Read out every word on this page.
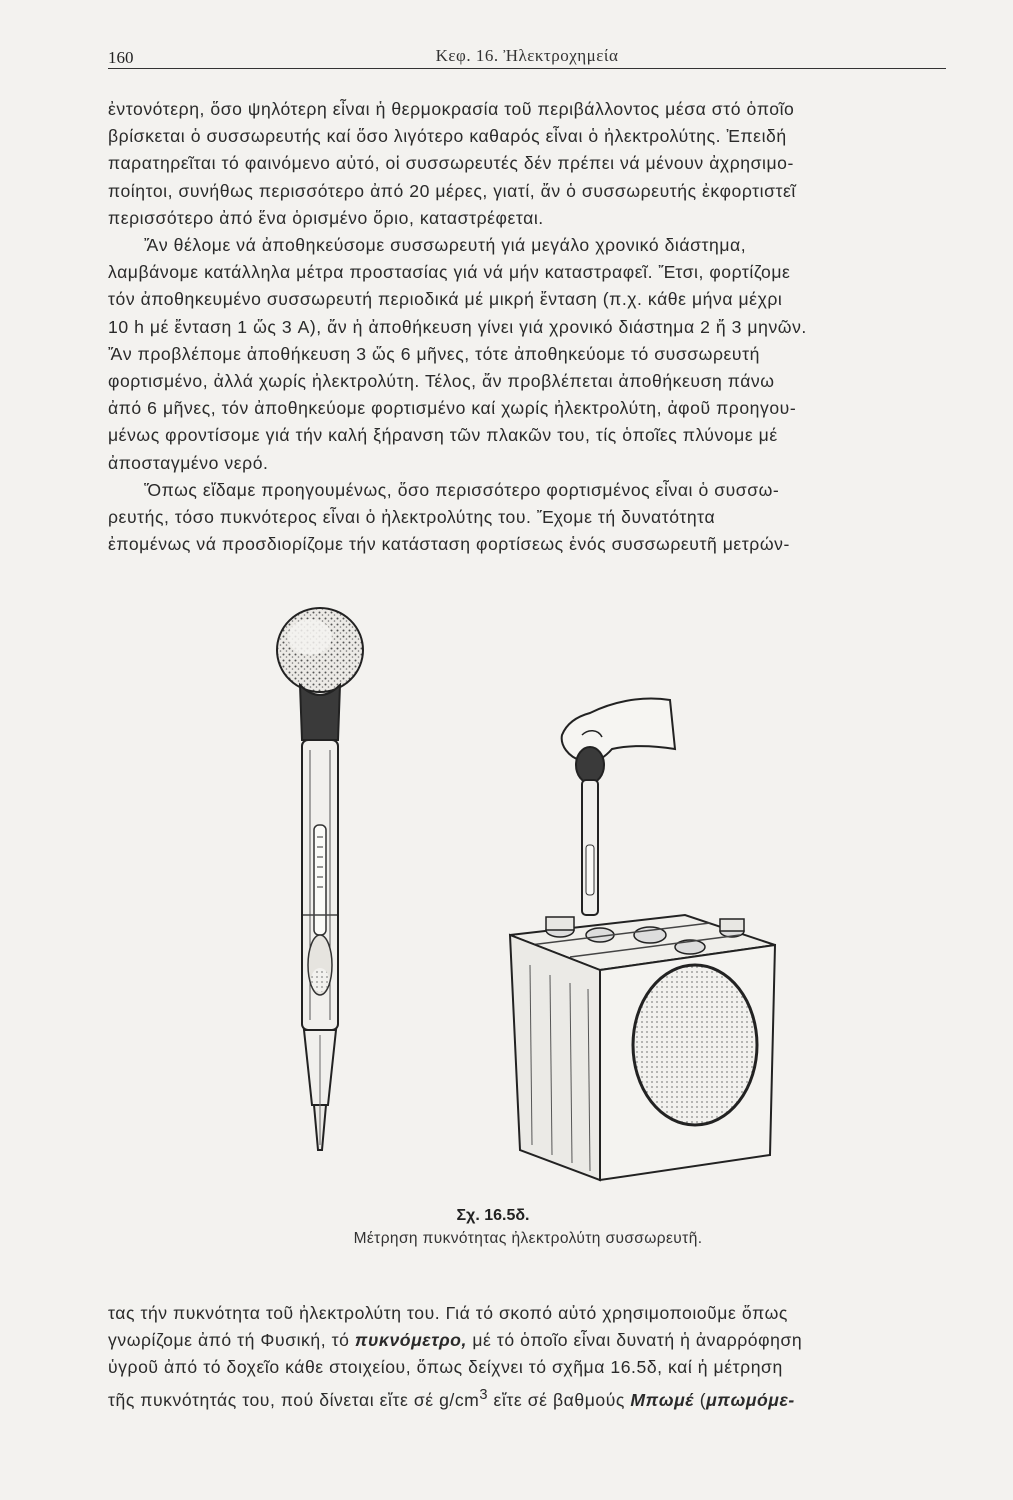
160	Κεφ. 16. Ἠλεκτροχημεία

ἐντονότερη, ὅσο ψηλότερη εἶναι ἡ θερμοκρασία τοῦ περιβάλλοντος μέσα στό ὁποῖο
βρίσκεται ὁ συσσωρευτής καί ὅσο λιγότερο καθαρός εἶναι ὁ ἠλεκτρολύτης. Ἐπειδή
παρατηρεῖται τό φαινόμενο αὐτό, οἱ συσσωρευτές δέν πρέπει νά μένουν ἀχρησιμο-
ποίητοι, συνήθως περισσότερο ἀπό 20 μέρες, γιατί, ἄν ὁ συσσωρευτής ἐκφορτιστεῖ
περισσότερο ἀπό ἕνα ὁρισμένο ὅριο, καταστρέφεται.

Ἄν θέλομε νά ἀποθηκεύσομε συσσωρευτή γιά μεγάλο χρονικό διάστημα,
λαμβάνομε κατάλληλα μέτρα προστασίας γιά νά μήν καταστραφεῖ. Ἔτσι, φορτίζομε
τόν ἀποθηκευμένο συσσωρευτή περιοδικά μέ μικρή ἔνταση (π.χ. κάθε μήνα μέχρι
10 h μέ ἔνταση 1 ὥς 3 A), ἄν ἡ ἀποθήκευση γίνει γιά χρονικό διάστημα 2 ἤ 3 μηνῶν.
Ἄν προβλέπομε ἀποθήκευση 3 ὥς 6 μῆνες, τότε ἀποθηκεύομε τό συσσωρευτή
φορτισμένο, ἀλλά χωρίς ἠλεκτρολύτη. Τέλος, ἄν προβλέπεται ἀποθήκευση πάνω
ἀπό 6 μῆνες, τόν ἀποθηκεύομε φορτισμένο καί χωρίς ἠλεκτρολύτη, ἀφοῦ προηγου-
μένως φροντίσομε γιά τήν καλή ξήρανση τῶν πλακῶν του, τίς ὁποῖες πλύνομε μέ
ἀποσταγμένο νερό.

Ὅπως εἴδαμε προηγουμένως, ὅσο περισσότερο φορτισμένος εἶναι ὁ συσσω-
ρευτής, τόσο πυκνότερος εἶναι ὁ ἠλεκτρολύτης του. Ἔχομε τή δυνατότητα
ἐπομένως νά προσδιορίζομε τήν κατάσταση φορτίσεως ἑνός συσσωρευτῆ μετρών-

Σχ. 16.5δ.
Μέτρηση πυκνότητας ἠλεκτρολύτη συσσωρευτῆ.
τας τήν πυκνότητα τοῦ ἠλεκτρολύτη του. Γιά τό σκοπό αὐτό χρησιμοποιοῦμε ὅπως
γνωρίζομε ἀπό τή Φυσική, τό πυκνόμετρο, μέ τό ὁποῖο εἶναι δυνατή ἡ ἀναρρόφηση
ὑγροῦ ἀπό τό δοχεῖο κάθε στοιχείου, ὅπως δείχνει τό σχῆμα 16.5δ, καί ἡ μέτρηση
τῆς πυκνότητάς του, πού δίνεται εἴτε σέ $g/cm^3$ εἴτε σέ βαθμούς Μπωμέ (μπωμόμε-
